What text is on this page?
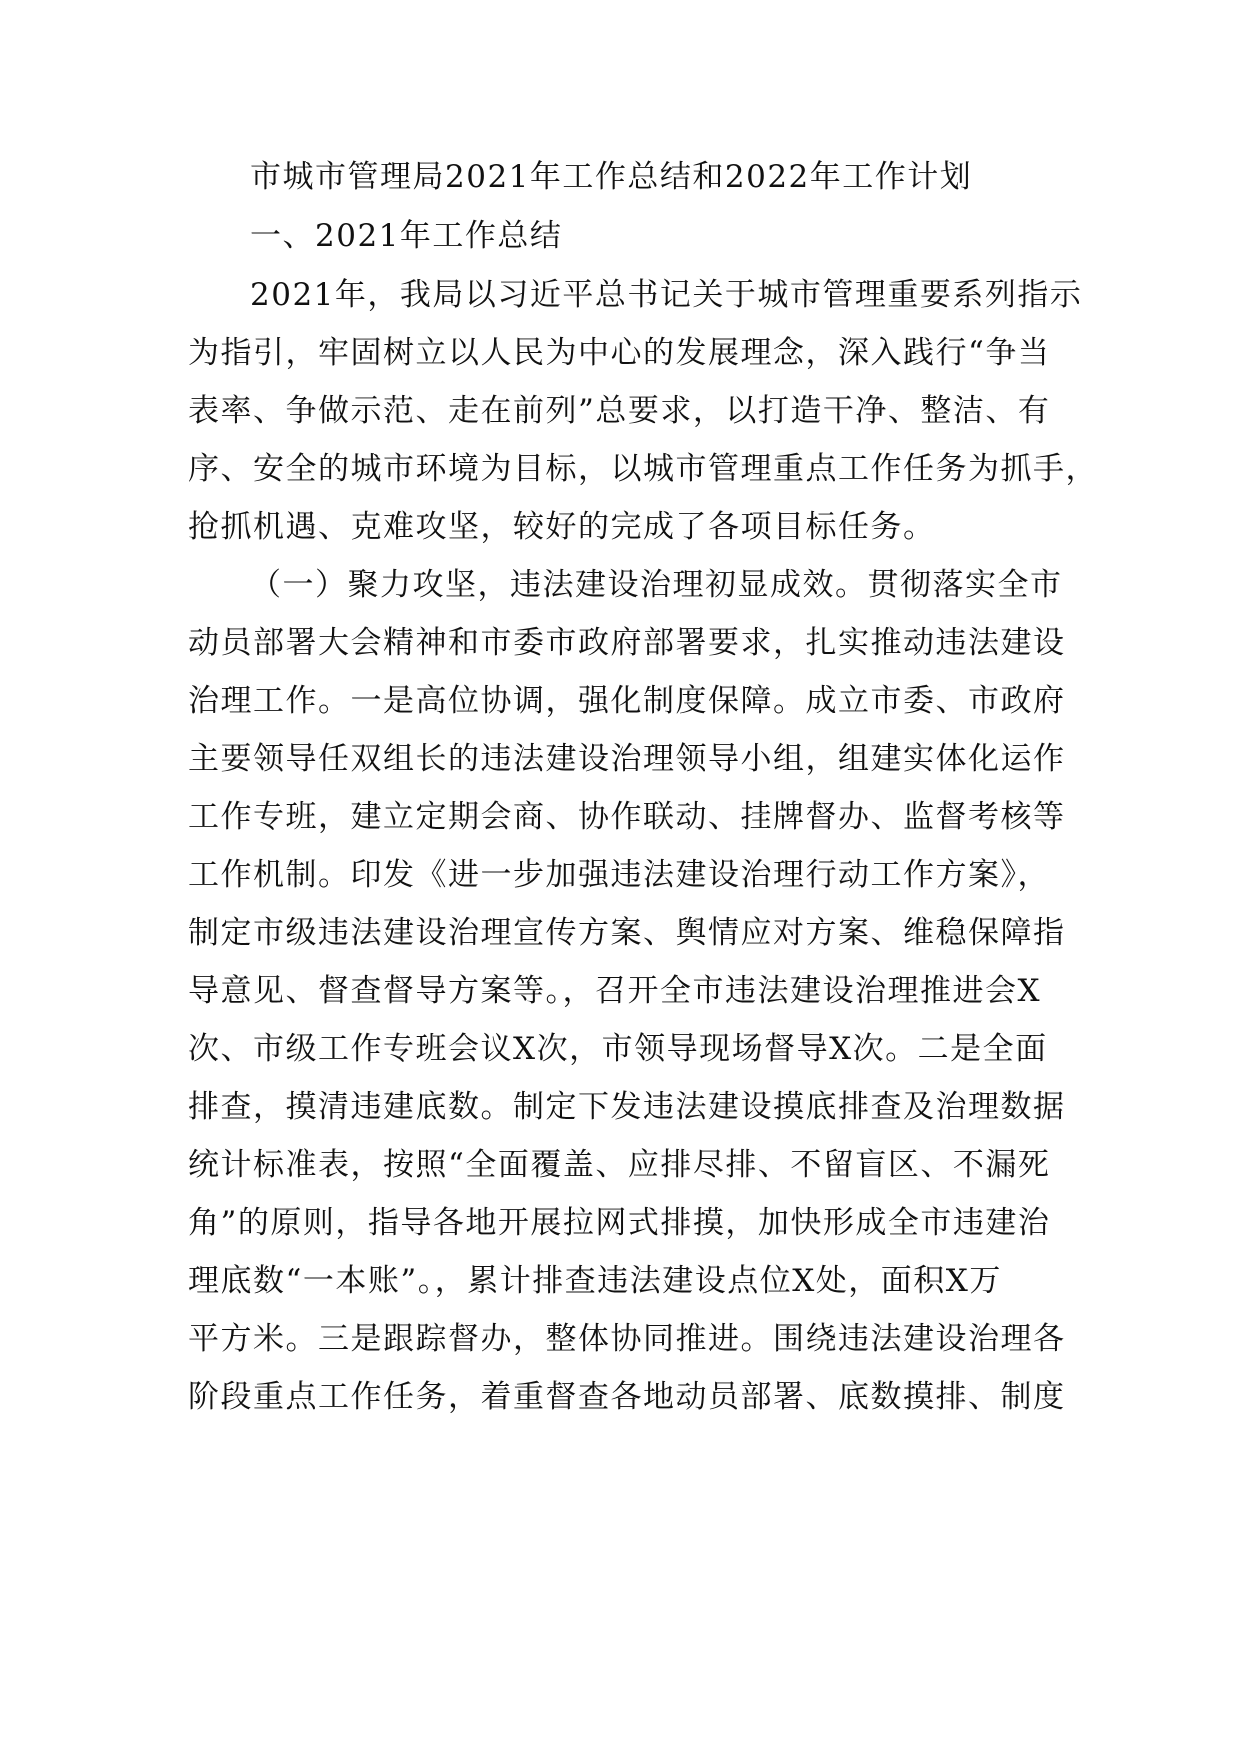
市城市管理局2021年工作总结和2022年工作计划
一、2021年工作总结
2021年，我局以习近平总书记关于城市管理重要系列指示
为指引，牢固树立以人民为中心的发展理念，深入践行“争当
表率、争做示范、走在前列”总要求，以打造干净、整洁、有
序、安全的城市环境为目标，以城市管理重点工作任务为抓手，
抢抓机遇、克难攻坚，较好的完成了各项目标任务。
（一）聚力攻坚，违法建设治理初显成效。贯彻落实全市
动员部署大会精神和市委市政府部署要求，扎实推动违法建设
治理工作。一是高位协调，强化制度保障。成立市委、市政府
主要领导任双组长的违法建设治理领导小组，组建实体化运作
工作专班，建立定期会商、协作联动、挂牌督办、监督考核等
工作机制。印发《进一步加强违法建设治理行动工作方案》，
制定市级违法建设治理宣传方案、舆情应对方案、维稳保障指
导意见、督查督导方案等。，召开全市违法建设治理推进会X
次、市级工作专班会议X次，市领导现场督导X次。二是全面
排查，摸清违建底数。制定下发违法建设摸底排查及治理数据
统计标准表，按照“全面覆盖、应排尽排、不留盲区、不漏死
角”的原则，指导各地开展拉网式排摸，加快形成全市违建治
理底数“一本账”。，累计排查违法建设点位X处，面积X万
平方米。三是跟踪督办，整体协同推进。围绕违法建设治理各
阶段重点工作任务，着重督查各地动员部署、底数摸排、制度
